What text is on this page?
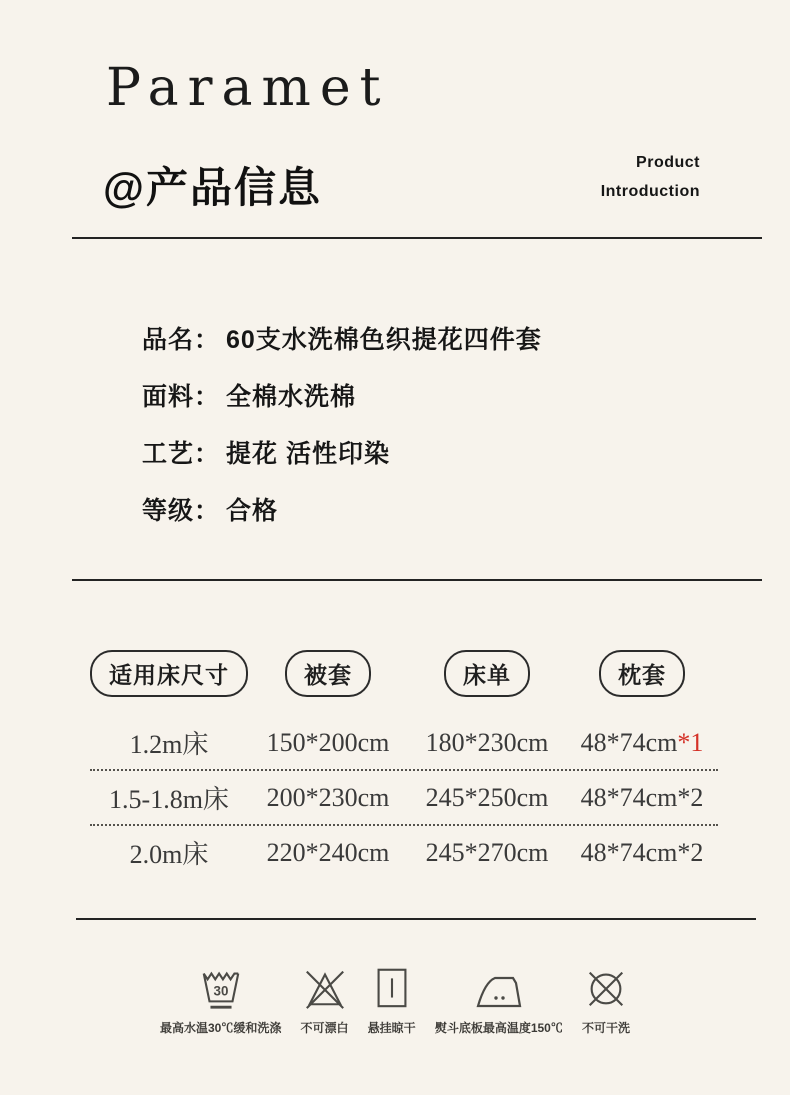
Paramet
@产品信息
Product
Introduction
品名： 60支水洗棉色织提花四件套
面料： 全棉水洗棉
工艺： 提花 活性印染
等级： 合格
适用床尺寸	被套	床单	枕套
1.2m床	150*200cm	180*230cm	48*74cm*1
1.5-1.8m床	200*230cm	245*250cm	48*74cm*2
2.0m床	220*240cm	245*270cm	48*74cm*2
30
最高水温30℃缓和洗涤 不可漂白 悬挂晾干 熨斗底板最高温度150℃ 不可干洗
